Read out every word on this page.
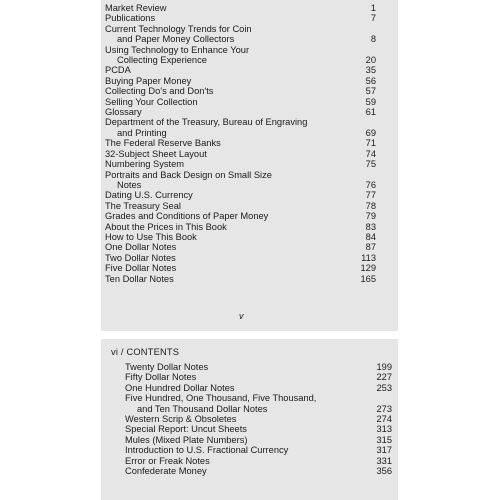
Market Review	1
Publications	7
Current Technology Trends for Coin
and Paper Money Collectors	8
Using Technology to Enhance Your
Collecting Experience	20
PCDA	35
Buying Paper Money	56
Collecting Do's and Don'ts	57
Selling Your Collection	59
Glossary	61
Department of the Treasury, Bureau of Engraving
and Printing	69
The Federal Reserve Banks	71
32-Subject Sheet Layout	74
Numbering System	75
Portraits and Back Design on Small Size
Notes	76
Dating U.S. Currency	77
The Treasury Seal	78
Grades and Conditions of Paper Money	79
About the Prices in This Book	83
How to Use This Book	84
One Dollar Notes	87
Two Dollar Notes	113
Five Dollar Notes	129
Ten Dollar Notes	165
v
vi / CONTENTS
Twenty Dollar Notes	199
Fifty Dollar Notes	227
One Hundred Dollar Notes	253
Five Hundred, One Thousand, Five Thousand,
and Ten Thousand Dollar Notes	273
Western Scrip & Obsoletes	274
Special Report: Uncut Sheets	313
Mules (Mixed Plate Numbers)	315
Introduction to U.S. Fractional Currency	317
Error or Freak Notes	331
Confederate Money	356
